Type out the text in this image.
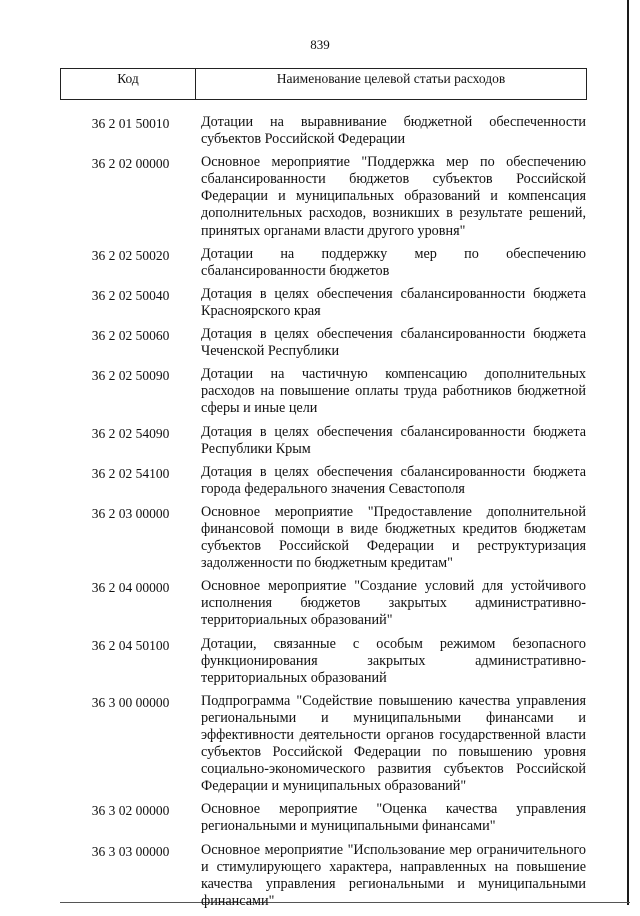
839
Код	Наименование целевой статьи расходов
36 2 01 50010	Дотации на выравнивание бюджетной обеспеченности субъектов Российской Федерации
36 2 02 00000	Основное мероприятие "Поддержка мер по обеспечению сбалансированности бюджетов субъектов Российской Федерации и муниципальных образований и компенсация дополнительных расходов, возникших в результате решений, принятых органами власти другого уровня"
36 2 02 50020	Дотации на поддержку мер по обеспечению сбалансированности бюджетов
36 2 02 50040	Дотация в целях обеспечения сбалансированности бюджета Красноярского края
36 2 02 50060	Дотация в целях обеспечения сбалансированности бюджета Чеченской Республики
36 2 02 50090	Дотации на частичную компенсацию дополнительных расходов на повышение оплаты труда работников бюджетной сферы и иные цели
36 2 02 54090	Дотация в целях обеспечения сбалансированности бюджета Республики Крым
36 2 02 54100	Дотация в целях обеспечения сбалансированности бюджета города федерального значения Севастополя
36 2 03 00000	Основное мероприятие "Предоставление дополнительной финансовой помощи в виде бюджетных кредитов бюджетам субъектов Российской Федерации и реструктуризация задолженности по бюджетным кредитам"
36 2 04 00000	Основное мероприятие "Создание условий для устойчивого исполнения бюджетов закрытых административно-территориальных образований"
36 2 04 50100	Дотации, связанные с особым режимом безопасного функционирования закрытых административно-территориальных образований
36 3 00 00000	Подпрограмма "Содействие повышению качества управления региональными и муниципальными финансами и эффективности деятельности органов государственной власти субъектов Российской Федерации по повышению уровня социально-экономического развития субъектов Российской Федерации и муниципальных образований"
36 3 02 00000	Основное мероприятие "Оценка качества управления региональными и муниципальными финансами"
36 3 03 00000	Основное мероприятие "Использование мер ограничительного и стимулирующего характера, направленных на повышение качества управления региональными и муниципальными финансами"
